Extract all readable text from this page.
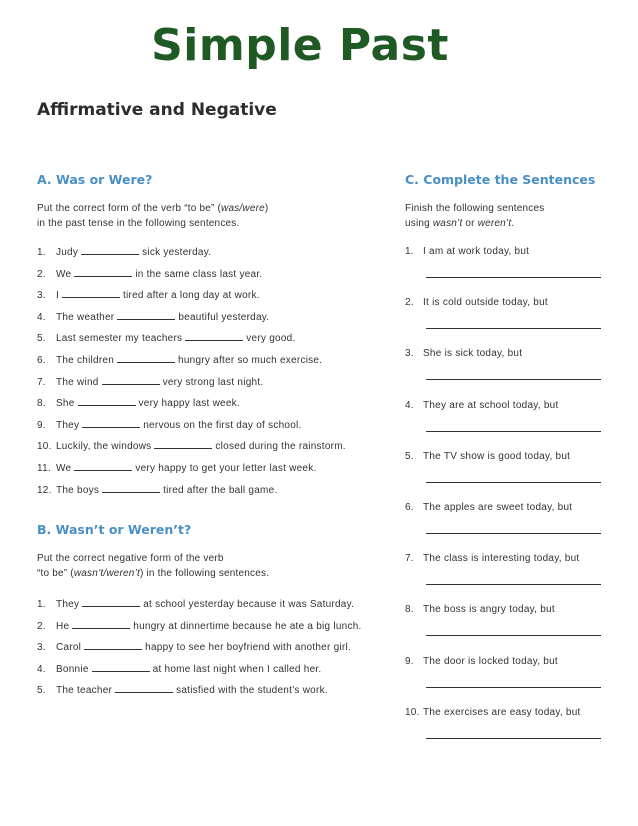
Simple Past
Affirmative and Negative
A. Was or Were?
Put the correct form of the verb “to be” (was/were)
in the past tense in the following sentences.
1. Judy	sick yesterday.
2. We	in the same class last year.
3. I	tired after a long day at work.
4. The weather	beautiful yesterday.
5. Last semester my teachers	very good.
6. The children	hungry after so much exercise.
7. The wind	very strong last night.
8. She	very happy last week.
9. They	nervous on the first day of school.
10. Luckily, the windows	closed during the rainstorm.
11. We	very happy to get your letter last week.
12. The boys	tired after the ball game.
B. Wasn’t or Weren’t?
Put the correct negative form of the verb
“to be” (wasn’t/weren’t) in the following sentences.
1. They	at school yesterday because it was Saturday.
2. He	hungry at dinnertime because he ate a big lunch.
3. Carol	happy to see her boyfriend with another girl.
4. Bonnie	at home last night when I called her.
5. The teacher	satisfied with the student’s work.
C. Complete the Sentences
Finish the following sentences
using wasn’t or weren’t.
1. I am at work today, but
2. It is cold outside today, but
3. She is sick today, but
4. They are at school today, but
5. The TV show is good today, but
6. The apples are sweet today, but
7. The class is interesting today, but
8. The boss is angry today, but
9. The door is locked today, but
10. The exercises are easy today, but
